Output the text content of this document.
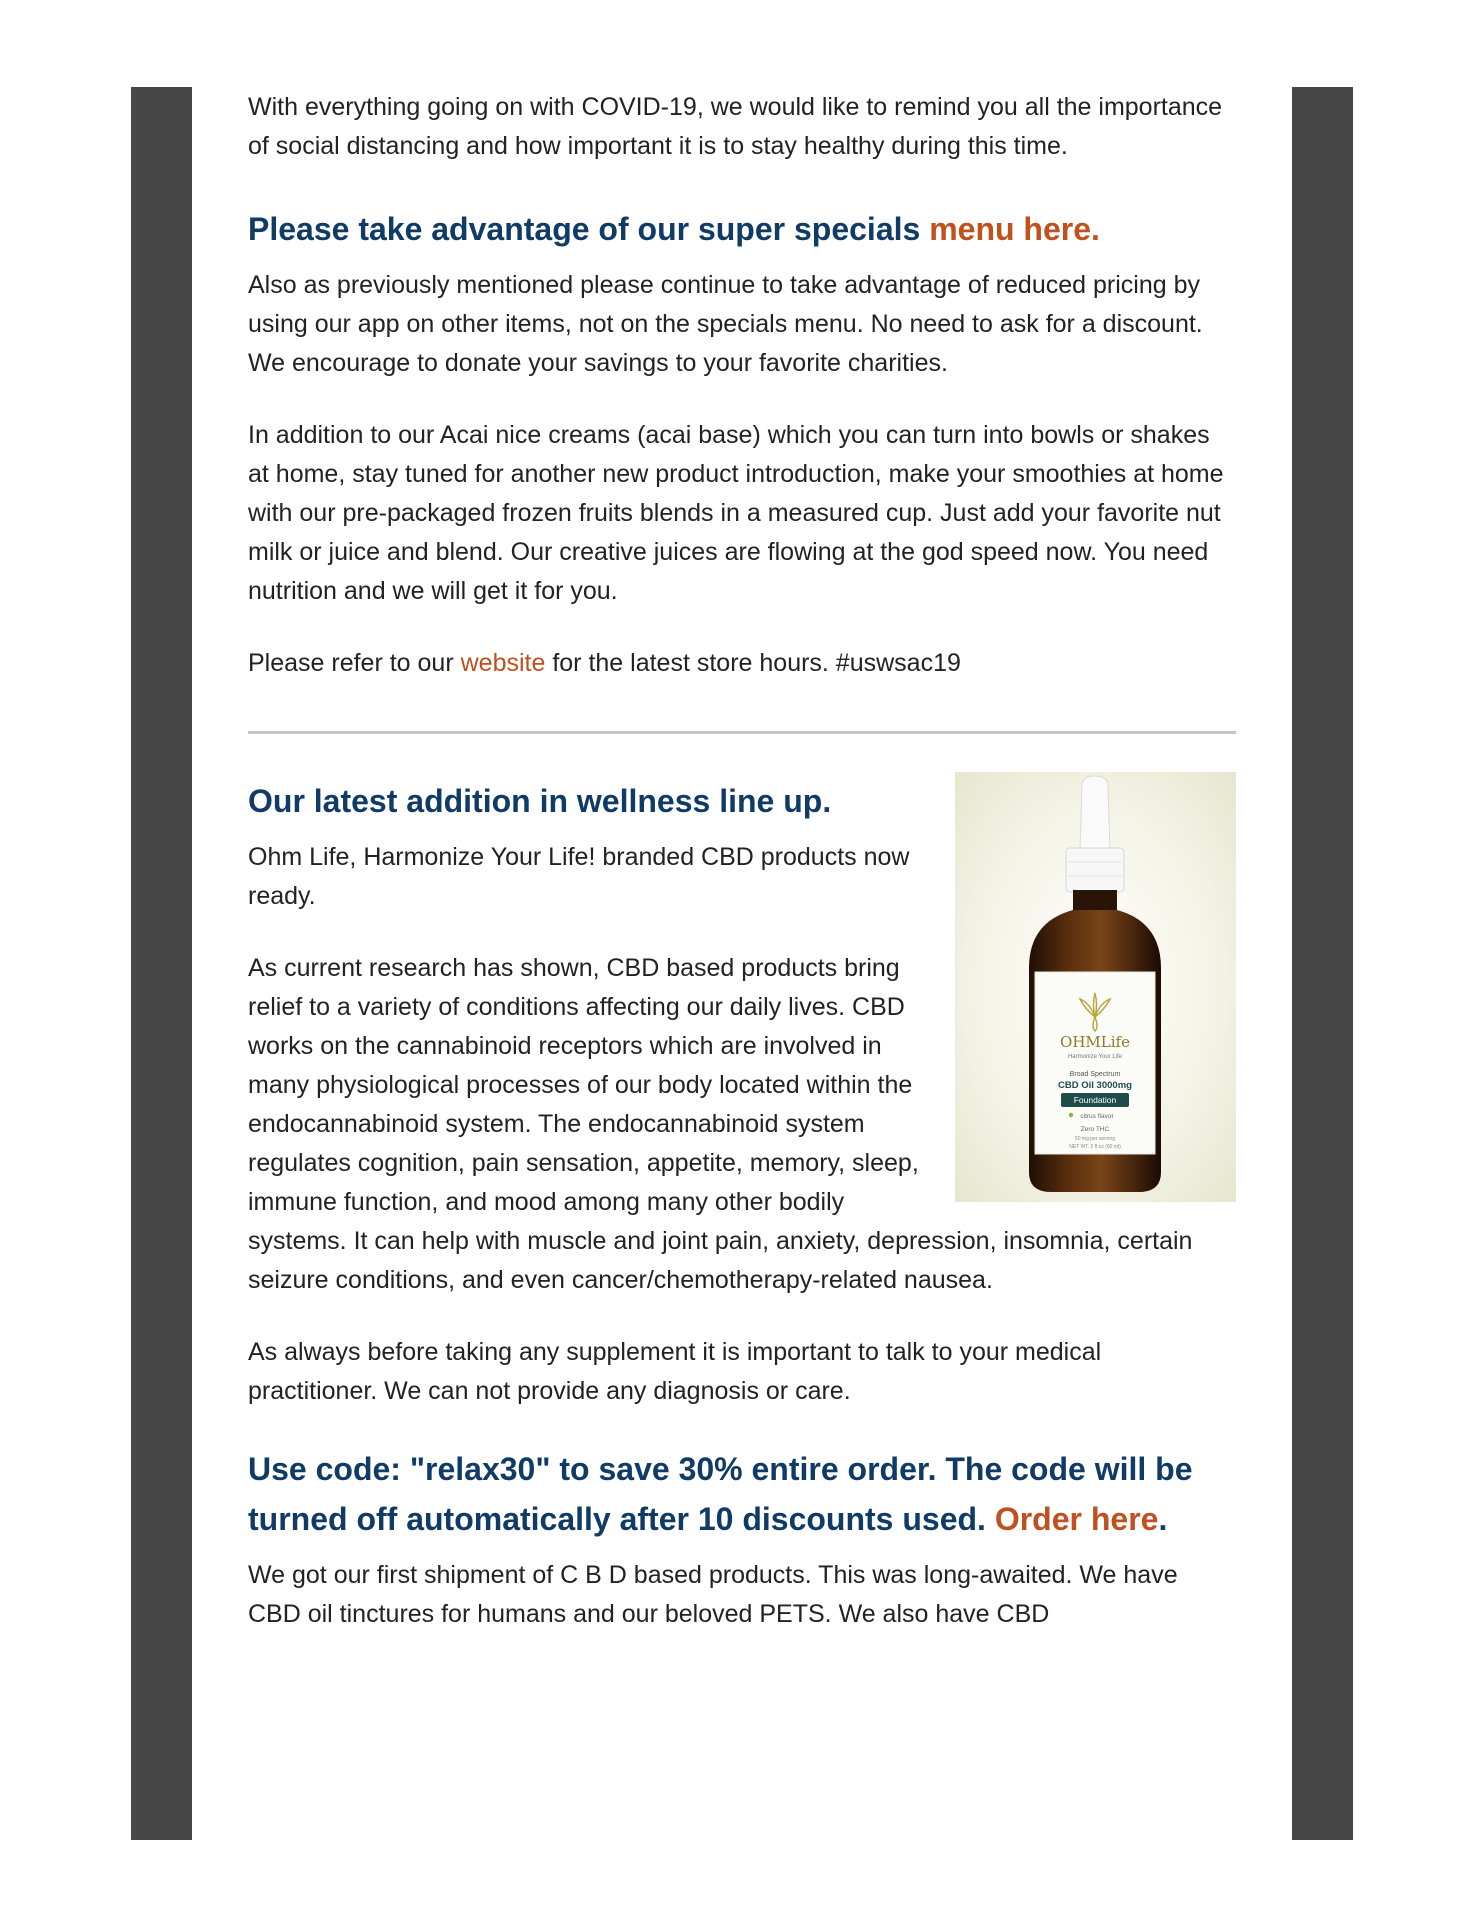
With everything going on with COVID-19, we would like to remind you all the importance of social distancing and how important it is to stay healthy during this time.

Please take advantage of our super specials menu here.

Also as previously mentioned please continue to take advantage of reduced pricing by using our app on other items, not on the specials menu. No need to ask for a discount. We encourage to donate your savings to your favorite charities.

In addition to our Acai nice creams (acai base) which you can turn into bowls or shakes at home, stay tuned for another new product introduction, make your smoothies at home with our pre-packaged frozen fruits blends in a measured cup. Just add your favorite nut milk or juice and blend. Our creative juices are flowing at the god speed now. You need nutrition and we will get it for you.

Please refer to our website for the latest store hours. #uswsac19

OHMLife
Harmonize Your Life
Broad Spectrum
CBD Oil 3000mg
Foundation
citrus flavor
Zero THC
50 mg per serving
NET WT. 2 fl oz (60 ml)
Our latest addition in wellness line up.

Ohm Life, Harmonize Your Life! branded CBD products now ready.

As current research has shown, CBD based products bring relief to a variety of conditions affecting our daily lives. CBD works on the cannabinoid receptors which are involved in many physiological processes of our body located within the endocannabinoid system. The endocannabinoid system regulates cognition, pain sensation, appetite, memory, sleep, immune function, and mood among many other bodily systems. It can help with muscle and joint pain, anxiety, depression, insomnia, certain seizure conditions, and even cancer/chemotherapy-related nausea.

As always before taking any supplement it is important to talk to your medical practitioner. We can not provide any diagnosis or care.

Use code: "relax30" to save 30% entire order. The code will be turned off automatically after 10 discounts used. Order here.

We got our first shipment of C B D based products. This was long-awaited. We have CBD oil tinctures for humans and our beloved PETS. We also have CBD
